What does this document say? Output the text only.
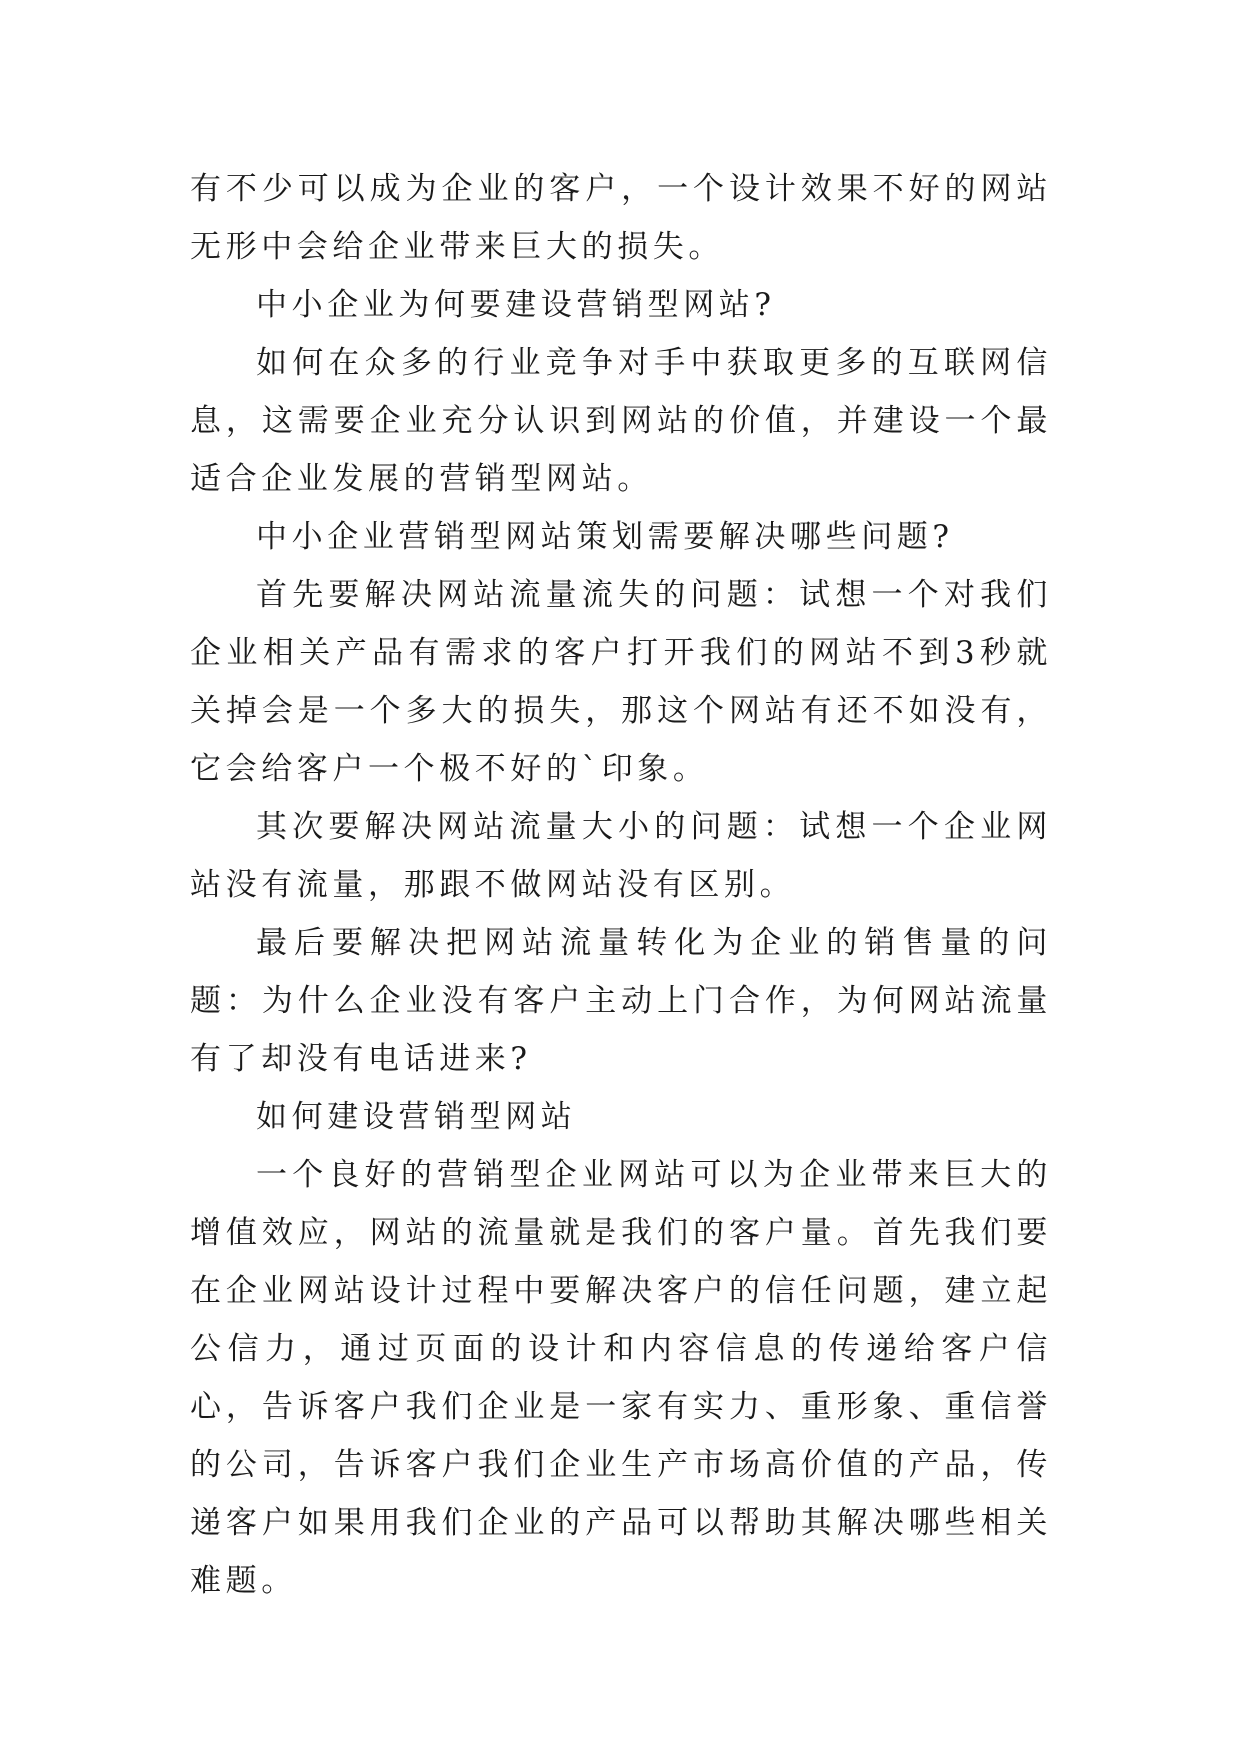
有不少可以成为企业的客户，一个设计效果不好的网站无形中会给企业带来巨大的损失。

中小企业为何要建设营销型网站?

如何在众多的行业竞争对手中获取更多的互联网信息，这需要企业充分认识到网站的价值，并建设一个最适合企业发展的营销型网站。

中小企业营销型网站策划需要解决哪些问题?

首先要解决网站流量流失的问题：试想一个对我们企业相关产品有需求的客户打开我们的网站不到3秒就关掉会是一个多大的损失，那这个网站有还不如没有，它会给客户一个极不好的`印象。

其次要解决网站流量大小的问题：试想一个企业网站没有流量，那跟不做网站没有区别。

最后要解决把网站流量转化为企业的销售量的问题：为什么企业没有客户主动上门合作，为何网站流量有了却没有电话进来?

如何建设营销型网站

一个良好的营销型企业网站可以为企业带来巨大的增值效应，网站的流量就是我们的客户量。首先我们要在企业网站设计过程中要解决客户的信任问题，建立起公信力，通过页面的设计和内容信息的传递给客户信心，告诉客户我们企业是一家有实力、重形象、重信誉的公司，告诉客户我们企业生产市场高价值的产品，传递客户如果用我们企业的产品可以帮助其解决哪些相关难题。
